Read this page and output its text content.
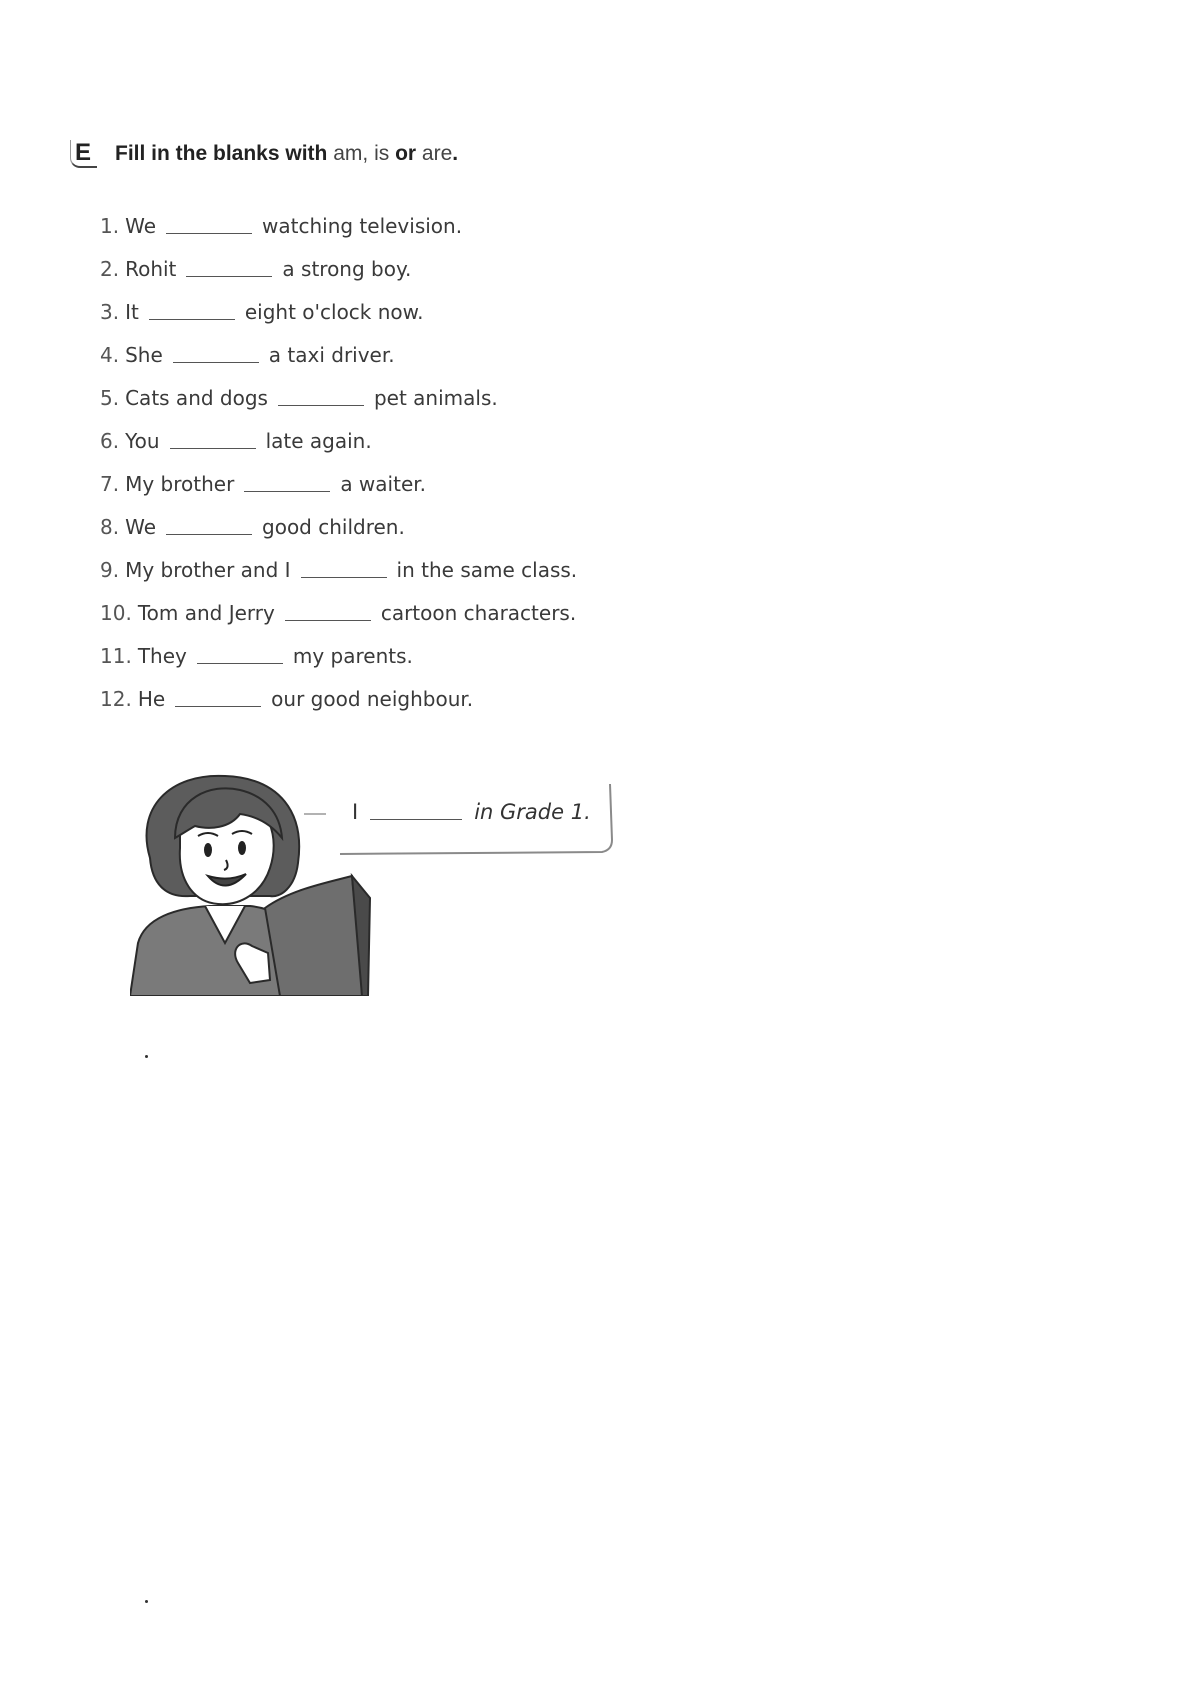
E Fill in the blanks with am, is or are.
1. We	watching television.
2. Rohit	a strong boy.
3. It	eight o'clock now.
4. She	a taxi driver.
5. Cats and dogs	pet animals.
6. You	late again.
7. My brother	a waiter.
8. We	good children.
9. My brother and I	in the same class.
10. Tom and Jerry	cartoon characters.
11. They	my parents.
12. He	our good neighbour.
I	in Grade 1.
